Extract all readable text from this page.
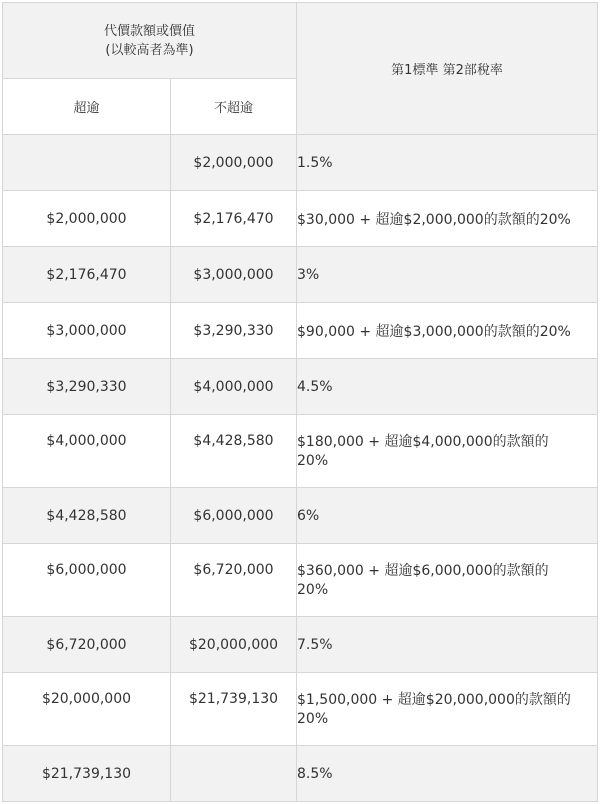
代價款額或價值
(以較高者為準)		第1標準 第2部稅率
超逾	不超逾	
	$2,000,000	1.5%
$2,000,000	$2,176,470	$30,000 + 超逾$2,000,000的款額的20%
$2,176,470	$3,000,000	3%
$3,000,000	$3,290,330	$90,000 + 超逾$3,000,000的款額的20%
$3,290,330	$4,000,000	4.5%
$4,000,000	$4,428,580	$180,000 + 超逾$4,000,000的款額的
20%

$4,428,580	$6,000,000	6%
$6,000,000	$6,720,000	$360,000 + 超逾$6,000,000的款額的
20%

$6,720,000	$20,000,000	7.5%
$20,000,000	$21,739,130	$1,500,000 + 超逾$20,000,000的款額的
20%

$21,739,130		8.5%
